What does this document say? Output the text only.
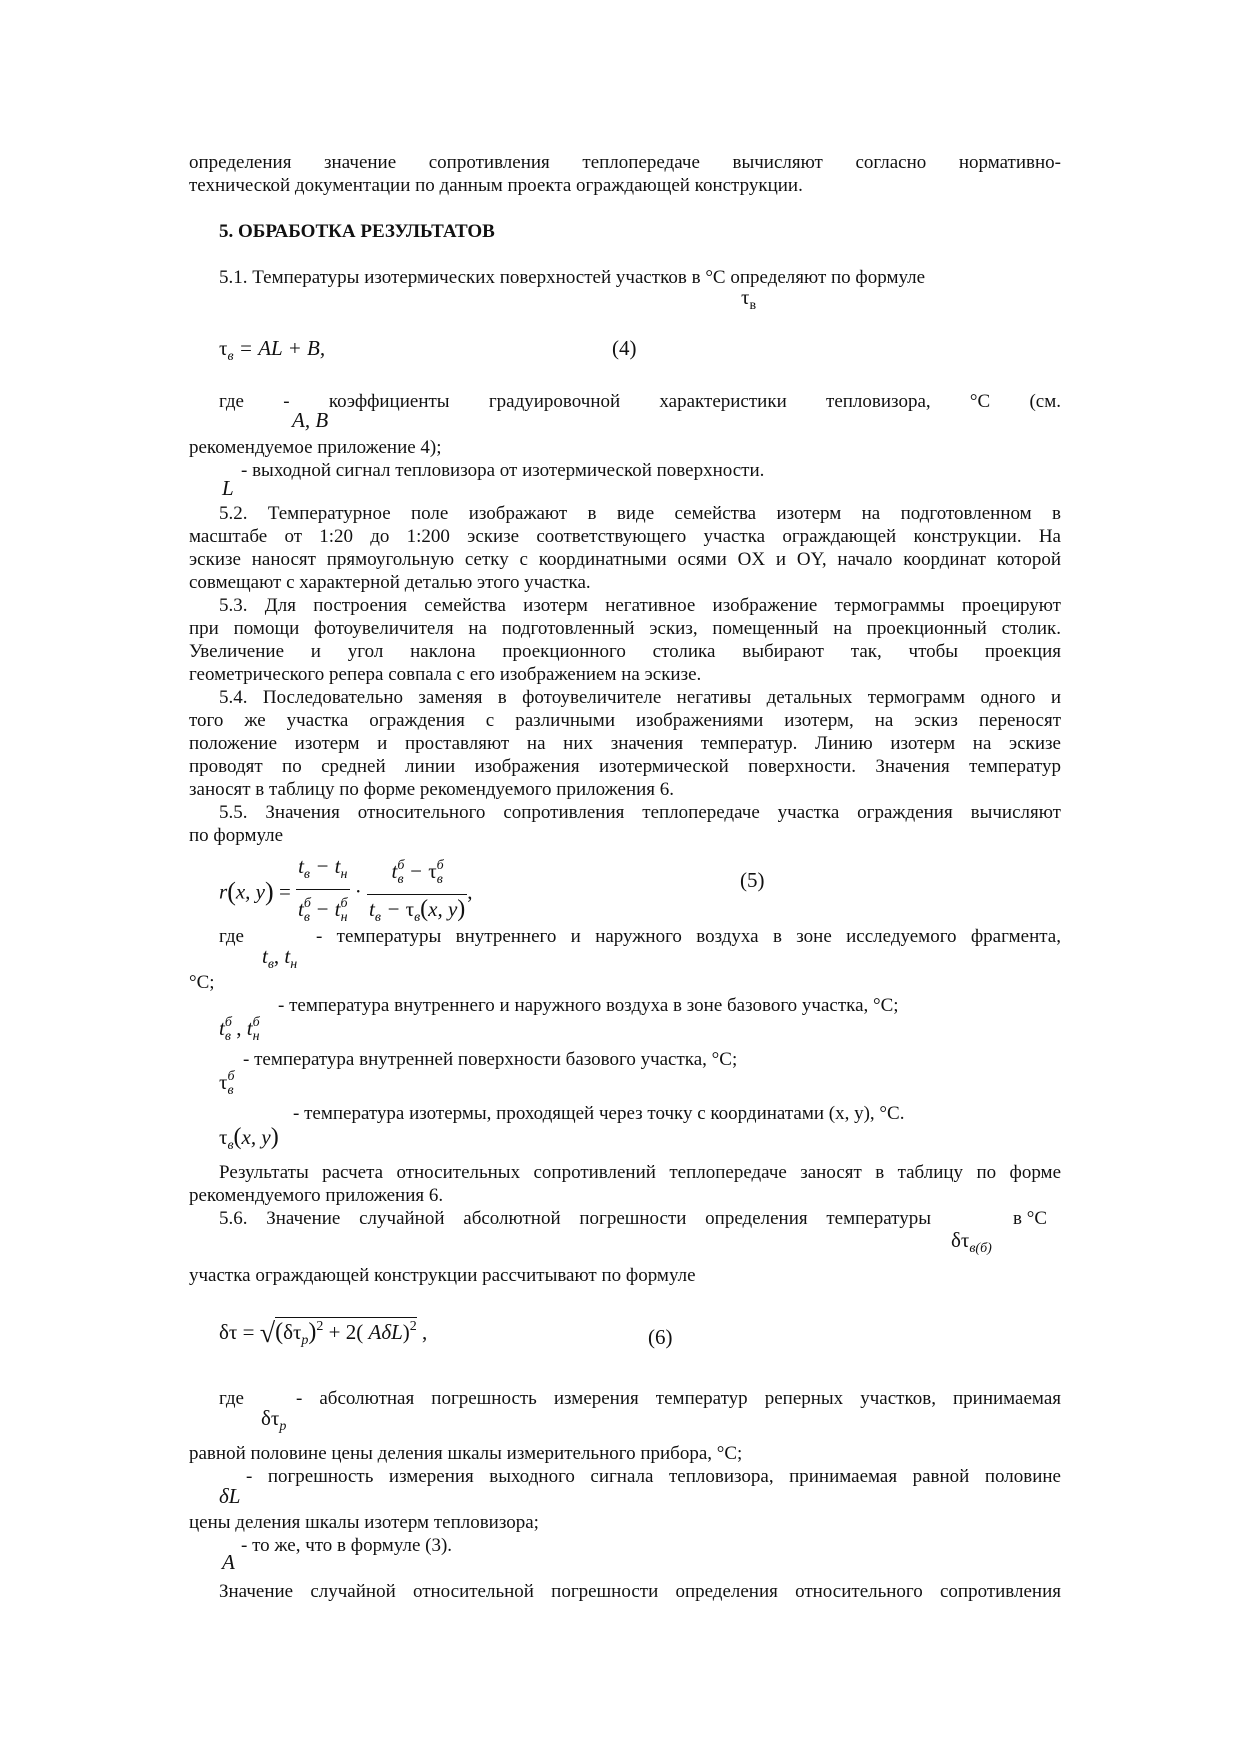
определения значение сопротивления теплопередаче вычисляют согласно нормативно-
технической документации по данным проекта ограждающей конструкции.
5. ОБРАБОТКА РЕЗУЛЬТАТОВ
5.1. Температуры изотермических поверхностей участков в °С определяют по формуле
$\tau_в$
$\tau_в$ = AL + B,	(4)
где - коэффициенты градуировочной характеристики тепловизора, °С (см.
A, B
рекомендуемое приложение 4);
- выходной сигнал тепловизора от изотермической поверхности.
L
5.2. Температурное поле изображают в виде семейства изотерм на подготовленном в
масштабе от 1:20 до 1:200 эскизе соответствующего участка ограждающей конструкции. На
эскизе наносят прямоугольную сетку с координатными осями OX и OY, начало координат которой
совмещают с характерной деталью этого участка.
5.3. Для построения семейства изотерм негативное изображение термограммы проецируют
при помощи фотоувеличителя на подготовленный эскиз, помещенный на проекционный столик.
Увеличение и угол наклона проекционного столика выбирают так, чтобы проекция
геометрического репера совпала с его изображением на эскизе.
5.4. Последовательно заменяя в фотоувеличителе негативы детальных термограмм одного и
того же участка ограждения с различными изображениями изотерм, на эскиз переносят
положение изотерм и проставляют на них значения температур. Линию изотерм на эскизе
проводят по средней линии изображения изотермической поверхности. Значения температур
заносят в таблицу по форме рекомендуемого приложения 6.
5.5. Значения относительного сопротивления теплопередаче участка ограждения вычисляют
по формуле
r(x, $y) = \frac{t_в - t_н}{t^б_в - t^б_н} \cdot \frac{t^б_в - \tau^б_в}{t_в - \tau_в(x, y)}$ ,	(5)
где	- температуры внутреннего и наружного воздуха в зоне исследуемого фрагмента,
$t_в$, $t_н$
°С;
- температура внутреннего и наружного воздуха в зоне базового участка, °С;
$t^б_в$ , $t^б_н$
- температура внутренней поверхности базового участка, °С;
$\tau^б_в$
- температура изотермы, проходящей через точку с координатами (х, у), °С.
$\tau_в(x$, y)
Результаты расчета относительных сопротивлений теплопередаче заносят в таблицу по форме
рекомендуемого приложения 6.
5.6. Значение случайной абсолютной погрешности определения температуры	в °С
$\delta\tau_{в(б)}$
участка ограждающей конструкции рассчитывают по формуле
$\delta\tau = √(\delta\tau_p)^2 + 2$( AδL)$^2$ ,	(6)
где	- абсолютная погрешность измерения температур реперных участков, принимаемая
$\delta\tau_p$
равной половине цены деления шкалы измерительного прибора, °С;
- погрешность измерения выходного сигнала тепловизора, принимаемая равной половине
δL
цены деления шкалы изотерм тепловизора;
- то же, что в формуле (3).
A
Значение случайной относительной погрешности определения относительного сопротивления
